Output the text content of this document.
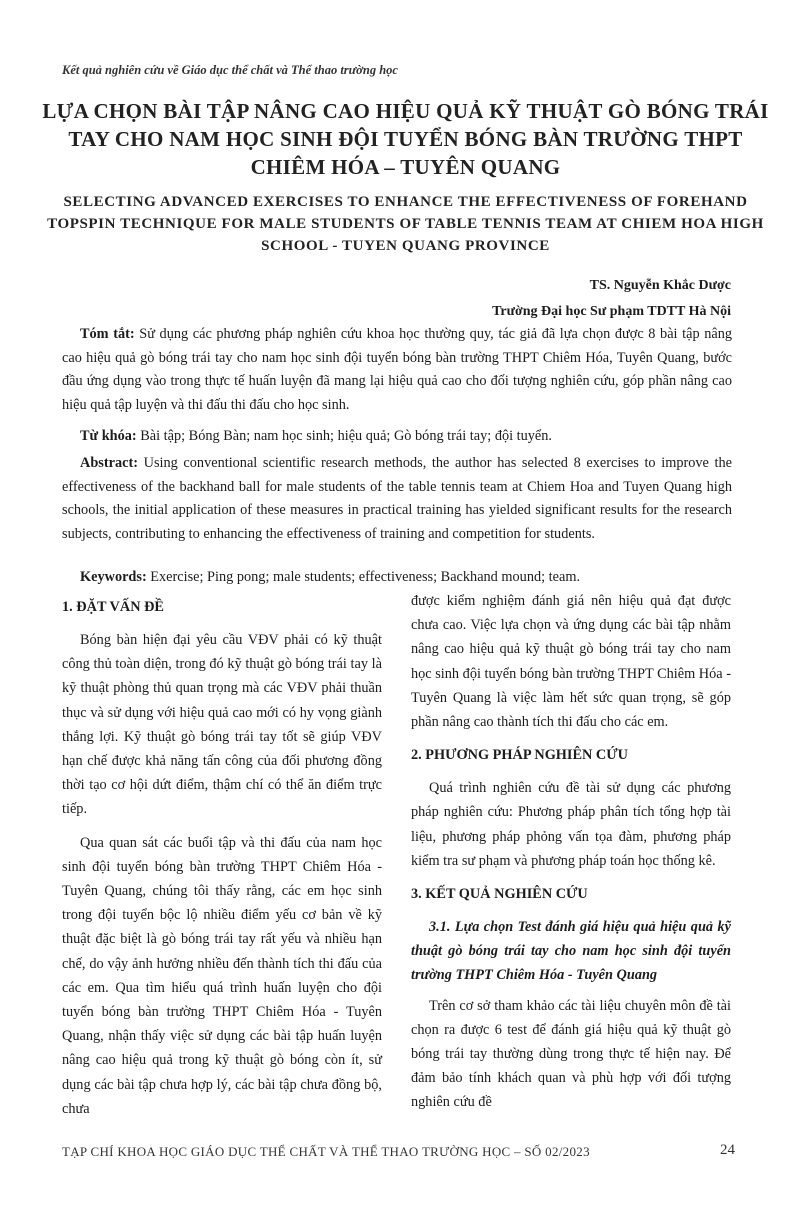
Kết quả nghiên cứu về Giáo dục thể chất và Thể thao trường học
LỰA CHỌN BÀI TẬP NÂNG CAO HIỆU QUẢ KỸ THUẬT GÒ BÓNG TRÁI TAY CHO NAM HỌC SINH ĐỘI TUYỂN BÓNG BÀN TRƯỜNG THPT CHIÊM HÓA – TUYÊN QUANG
SELECTING ADVANCED EXERCISES TO ENHANCE THE EFFECTIVENESS OF FOREHAND TOPSPIN TECHNIQUE FOR MALE STUDENTS OF TABLE TENNIS TEAM AT CHIEM HOA HIGH SCHOOL - TUYEN QUANG PROVINCE
TS. Nguyễn Khắc Dược
Trường Đại học Sư phạm TDTT Hà Nội
Tóm tắt: Sử dụng các phương pháp nghiên cứu khoa học thường quy, tác giả đã lựa chọn được 8 bài tập nâng cao hiệu quả gò bóng trái tay cho nam học sinh đội tuyển bóng bàn trường THPT Chiêm Hóa, Tuyên Quang, bước đầu ứng dụng vào trong thực tế huấn luyện đã mang lại hiệu quả cao cho đối tượng nghiên cứu, góp phần nâng cao hiệu quả tập luyện và thi đấu thi đấu cho học sinh.
Từ khóa: Bài tập; Bóng Bàn; nam học sinh; hiệu quả; Gò bóng trái tay; đội tuyển.
Abstract: Using conventional scientific research methods, the author has selected 8 exercises to improve the effectiveness of the backhand ball for male students of the table tennis team at Chiem Hoa and Tuyen Quang high schools, the initial application of these measures in practical training has yielded significant results for the research subjects, contributing to enhancing the effectiveness of training and competition for students.
Keywords: Exercise; Ping pong; male students; effectiveness; Backhand mound; team.
1. ĐẶT VẤN ĐỀ

Bóng bàn hiện đại yêu cầu VĐV phải có kỹ thuật công thủ toàn diện, trong đó kỹ thuật gò bóng trái tay là kỹ thuật phòng thủ quan trọng mà các VĐV phải thuần thục và sử dụng với hiệu quả cao mới có hy vọng giành thắng lợi. Kỹ thuật gò bóng trái tay tốt sẽ giúp VĐV hạn chế được khả năng tấn công của đối phương đồng thời tạo cơ hội dứt điểm, thậm chí có thể ăn điểm trực tiếp.

Qua quan sát các buổi tập và thi đấu của nam học sinh đội tuyển bóng bàn trường THPT Chiêm Hóa - Tuyên Quang, chúng tôi thấy rằng, các em học sinh trong đội tuyển bộc lộ nhiều điểm yếu cơ bản về kỹ thuật đặc biệt là gò bóng trái tay rất yếu và nhiều hạn chế, do vậy ảnh hưởng nhiều đến thành tích thi đấu của các em. Qua tìm hiểu quá trình huấn luyện cho đội tuyển bóng bàn trường THPT Chiêm Hóa - Tuyên Quang, nhận thấy việc sử dụng các bài tập huấn luyện nâng cao hiệu quả trong kỹ thuật gò bóng còn ít, sử dụng các bài tập chưa hợp lý, các bài tập chưa đồng bộ, chưa

được kiểm nghiệm đánh giá nên hiệu quả đạt được chưa cao. Việc lựa chọn và ứng dụng các bài tập nhằm nâng cao hiệu quả kỹ thuật gò bóng trái tay cho nam học sinh đội tuyển bóng bàn trường THPT Chiêm Hóa - Tuyên Quang là việc làm hết sức quan trọng, sẽ góp phần nâng cao thành tích thi đấu cho các em.

2. PHƯƠNG PHÁP NGHIÊN CỨU

Quá trình nghiên cứu đề tài sử dụng các phương pháp nghiên cứu: Phương pháp phân tích tổng hợp tài liệu, phương pháp phỏng vấn tọa đàm, phương pháp kiểm tra sư phạm và phương pháp toán học thống kê.

3. KẾT QUẢ NGHIÊN CỨU
3.1. Lựa chọn Test đánh giá hiệu quả hiệu quả kỹ thuật gò bóng trái tay cho nam học sinh đội tuyển trường THPT Chiêm Hóa - Tuyên Quang

Trên cơ sở tham khảo các tài liệu chuyên môn đề tài chọn ra được 6 test để đánh giá hiệu quả kỹ thuật gò bóng trái tay thường dùng trong thực tế hiện nay. Để đảm bảo tính khách quan và phù hợp với đối tượng nghiên cứu đề

TẠP CHÍ KHOA HỌC GIÁO DỤC THỂ CHẤT VÀ THỂ THAO TRƯỜNG HỌC – SỐ 02/2023	24
